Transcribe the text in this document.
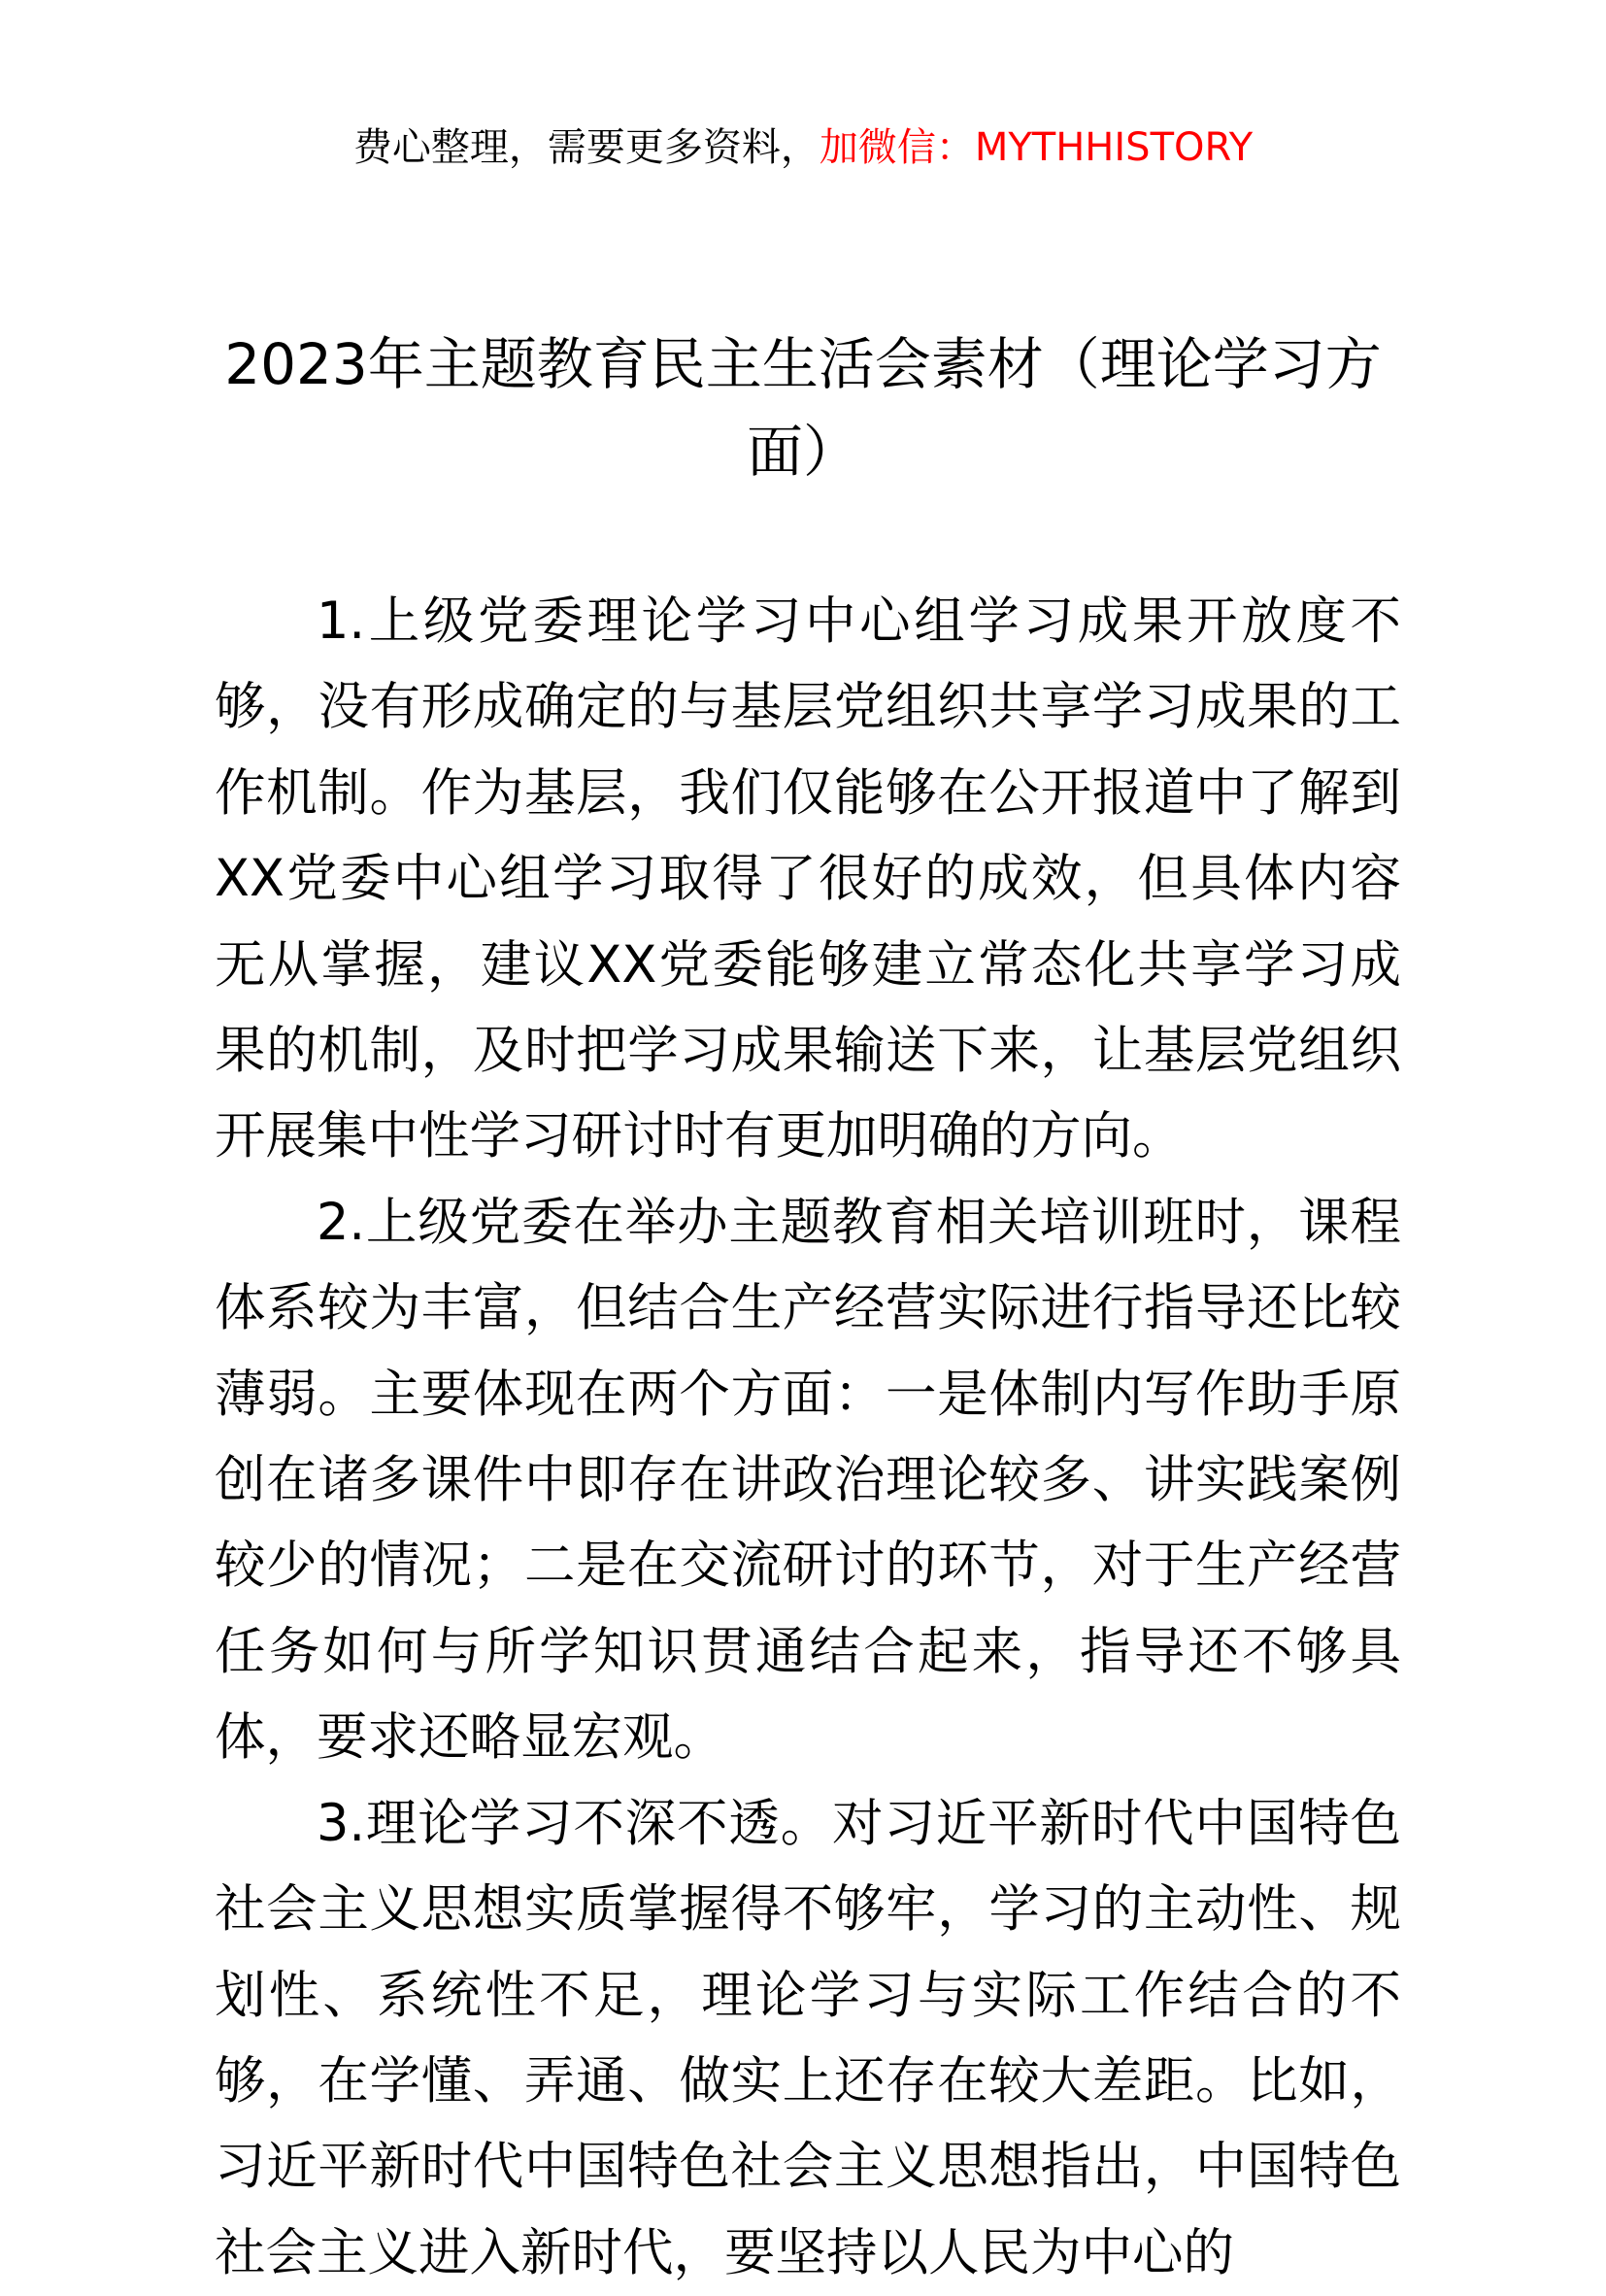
费心整理，需要更多资料，加微信：MYTHHISTORY
2023年主题教育民主生活会素材（理论学习方面）

1.上级党委理论学习中心组学习成果开放度不够，没有形成确定的与基层党组织共享学习成果的工作机制。作为基层，我们仅能够在公开报道中了解到XX党委中心组学习取得了很好的成效，但具体内容无从掌握，建议XX党委能够建立常态化共享学习成果的机制，及时把学习成果输送下来，让基层党组织开展集中性学习研讨时有更加明确的方向。

2.上级党委在举办主题教育相关培训班时，课程体系较为丰富，但结合生产经营实际进行指导还比较薄弱。主要体现在两个方面：一是体制内写作助手原创在诸多课件中即存在讲政治理论较多、讲实践案例较少的情况；二是在交流研讨的环节，对于生产经营任务如何与所学知识贯通结合起来，指导还不够具体，要求还略显宏观。

3.理论学习不深不透。对习近平新时代中国特色社会主义思想实质掌握得不够牢，学习的主动性、规划性、系统性不足，理论学习与实际工作结合的不够，在学懂、弄通、做实上还存在较大差距。比如，习近平新时代中国特色社会主义思想指出，中国特色社会主义进入新时代，要坚持以人民为中心的
